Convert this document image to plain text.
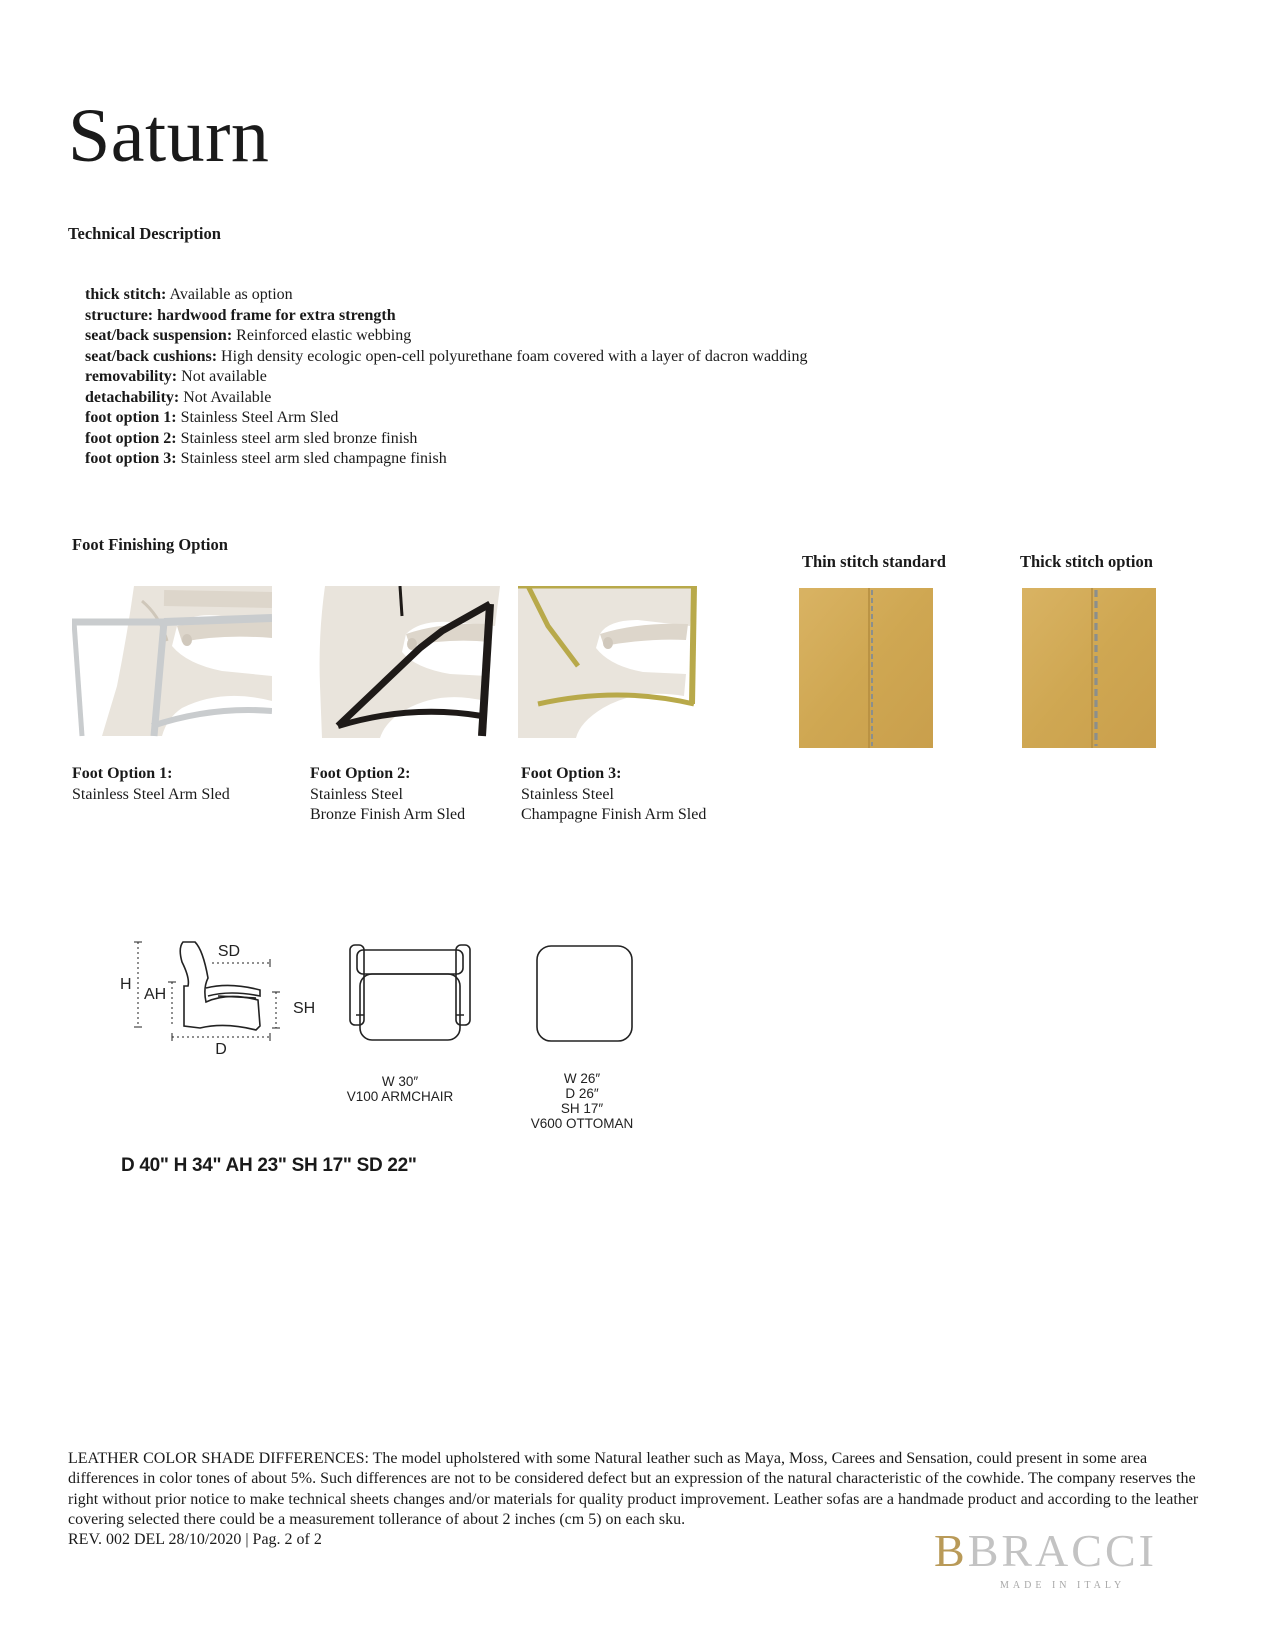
Saturn
Technical Description
thick stitch: Available as option
structure: hardwood frame for extra strength
seat/back suspension: Reinforced elastic webbing
seat/back cushions: High density ecologic open-cell polyurethane foam covered with a layer of dacron wadding
removability: Not available
detachability: Not Available
foot option 1: Stainless Steel Arm Sled
foot option 2: Stainless steel arm sled bronze finish
foot option 3: Stainless steel arm sled champagne finish
Foot Finishing Option
Foot Option 1:
Stainless Steel Arm Sled
Foot Option 2:
Stainless Steel
Bronze Finish Arm Sled
Foot Option 3:
Stainless Steel
Champagne Finish Arm Sled
Thin stitch standard	Thick stitch option
SD
H
AH
SH
D
W 30″
V100 ARMCHAIR
W 26″
D 26″
SH 17″
V600 OTTOMAN
D 40" H 34" AH 23" SH 17" SD 22"
LEATHER COLOR SHADE DIFFERENCES: The model upholstered with some Natural leather such as Maya, Moss, Carees and Sensation, could present in some area differences in color tones of about 5%. Such differences are not to be considered defect but an expression of the natural characteristic of the cowhide. The company reserves the right without prior notice to make technical sheets changes and/or materials for quality product improvement. Leather sofas are a handmade product and according to the leather covering selected there could be a measurement tollerance of about 2 inches (cm 5) on each sku.
REV. 002 DEL 28/10/2020 | Pag. 2 of 2	BBRACCI
MADE IN ITALY
